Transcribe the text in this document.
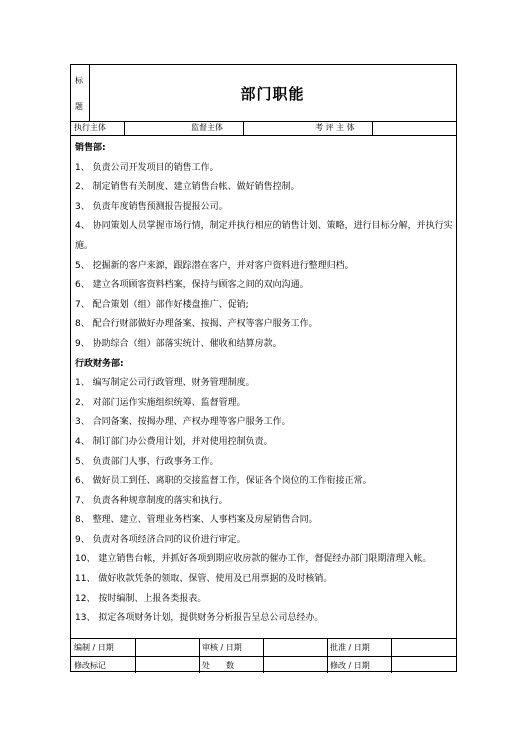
标
题
部门职能
执行主体	监督主体	考 评 主 体
销售部:
1、 负责公司开发项目的销售工作。
2、 制定销售有关制度、建立销售台帐、做好销售控制。
3、 负责年度销售预测报告提报公司。
4、 协同策划人员掌握市场行情，制定并执行相应的销售计划、策略，进行目标分解，并执行实施。
5、 挖掘新的客户来源，跟踪潜在客户，并对客户资料进行整理归档。
6、 建立各项顾客资料档案，保持与顾客之间的双向沟通。
7、 配合策划（组）部作好楼盘推广、促销;
8、 配合行财部做好办理备案、按揭、产权等客户服务工作。
9、 协助综合（组）部落实统计、催收和结算房款。
行政财务部:
1、 编写制定公司行政管理、财务管理制度。
2、 对部门运作实施组织统筹、监督管理。
3、 合同备案、按揭办理、产权办理等客户服务工作。
4、 制订部门办公费用计划，并对使用控制负责。
5、 负责部门人事、行政事务工作。
6、 做好员工到任、离职的交接监督工作，保证各个岗位的工作衔接正常。
7、 负责各种规章制度的落实和执行。
8、 整理、建立、管理业务档案、人事档案及房屋销售合同。
9、 负责对各项经济合同的议价进行审定。
10、 建立销售台帐，并抓好各项到期应收房款的催办工作，督促经办部门限期清理入帐。
11、 做好收款凭条的领取、保管、使用及已用票据的及时核销。
12、 按时编制、上报各类报表。
13、 拟定各项财务计划，提供财务分析报告呈总公司总经办。
编制 / 日期	审核 / 日期	批准 / 日期
修改标记	处　　数	修改 / 日期
